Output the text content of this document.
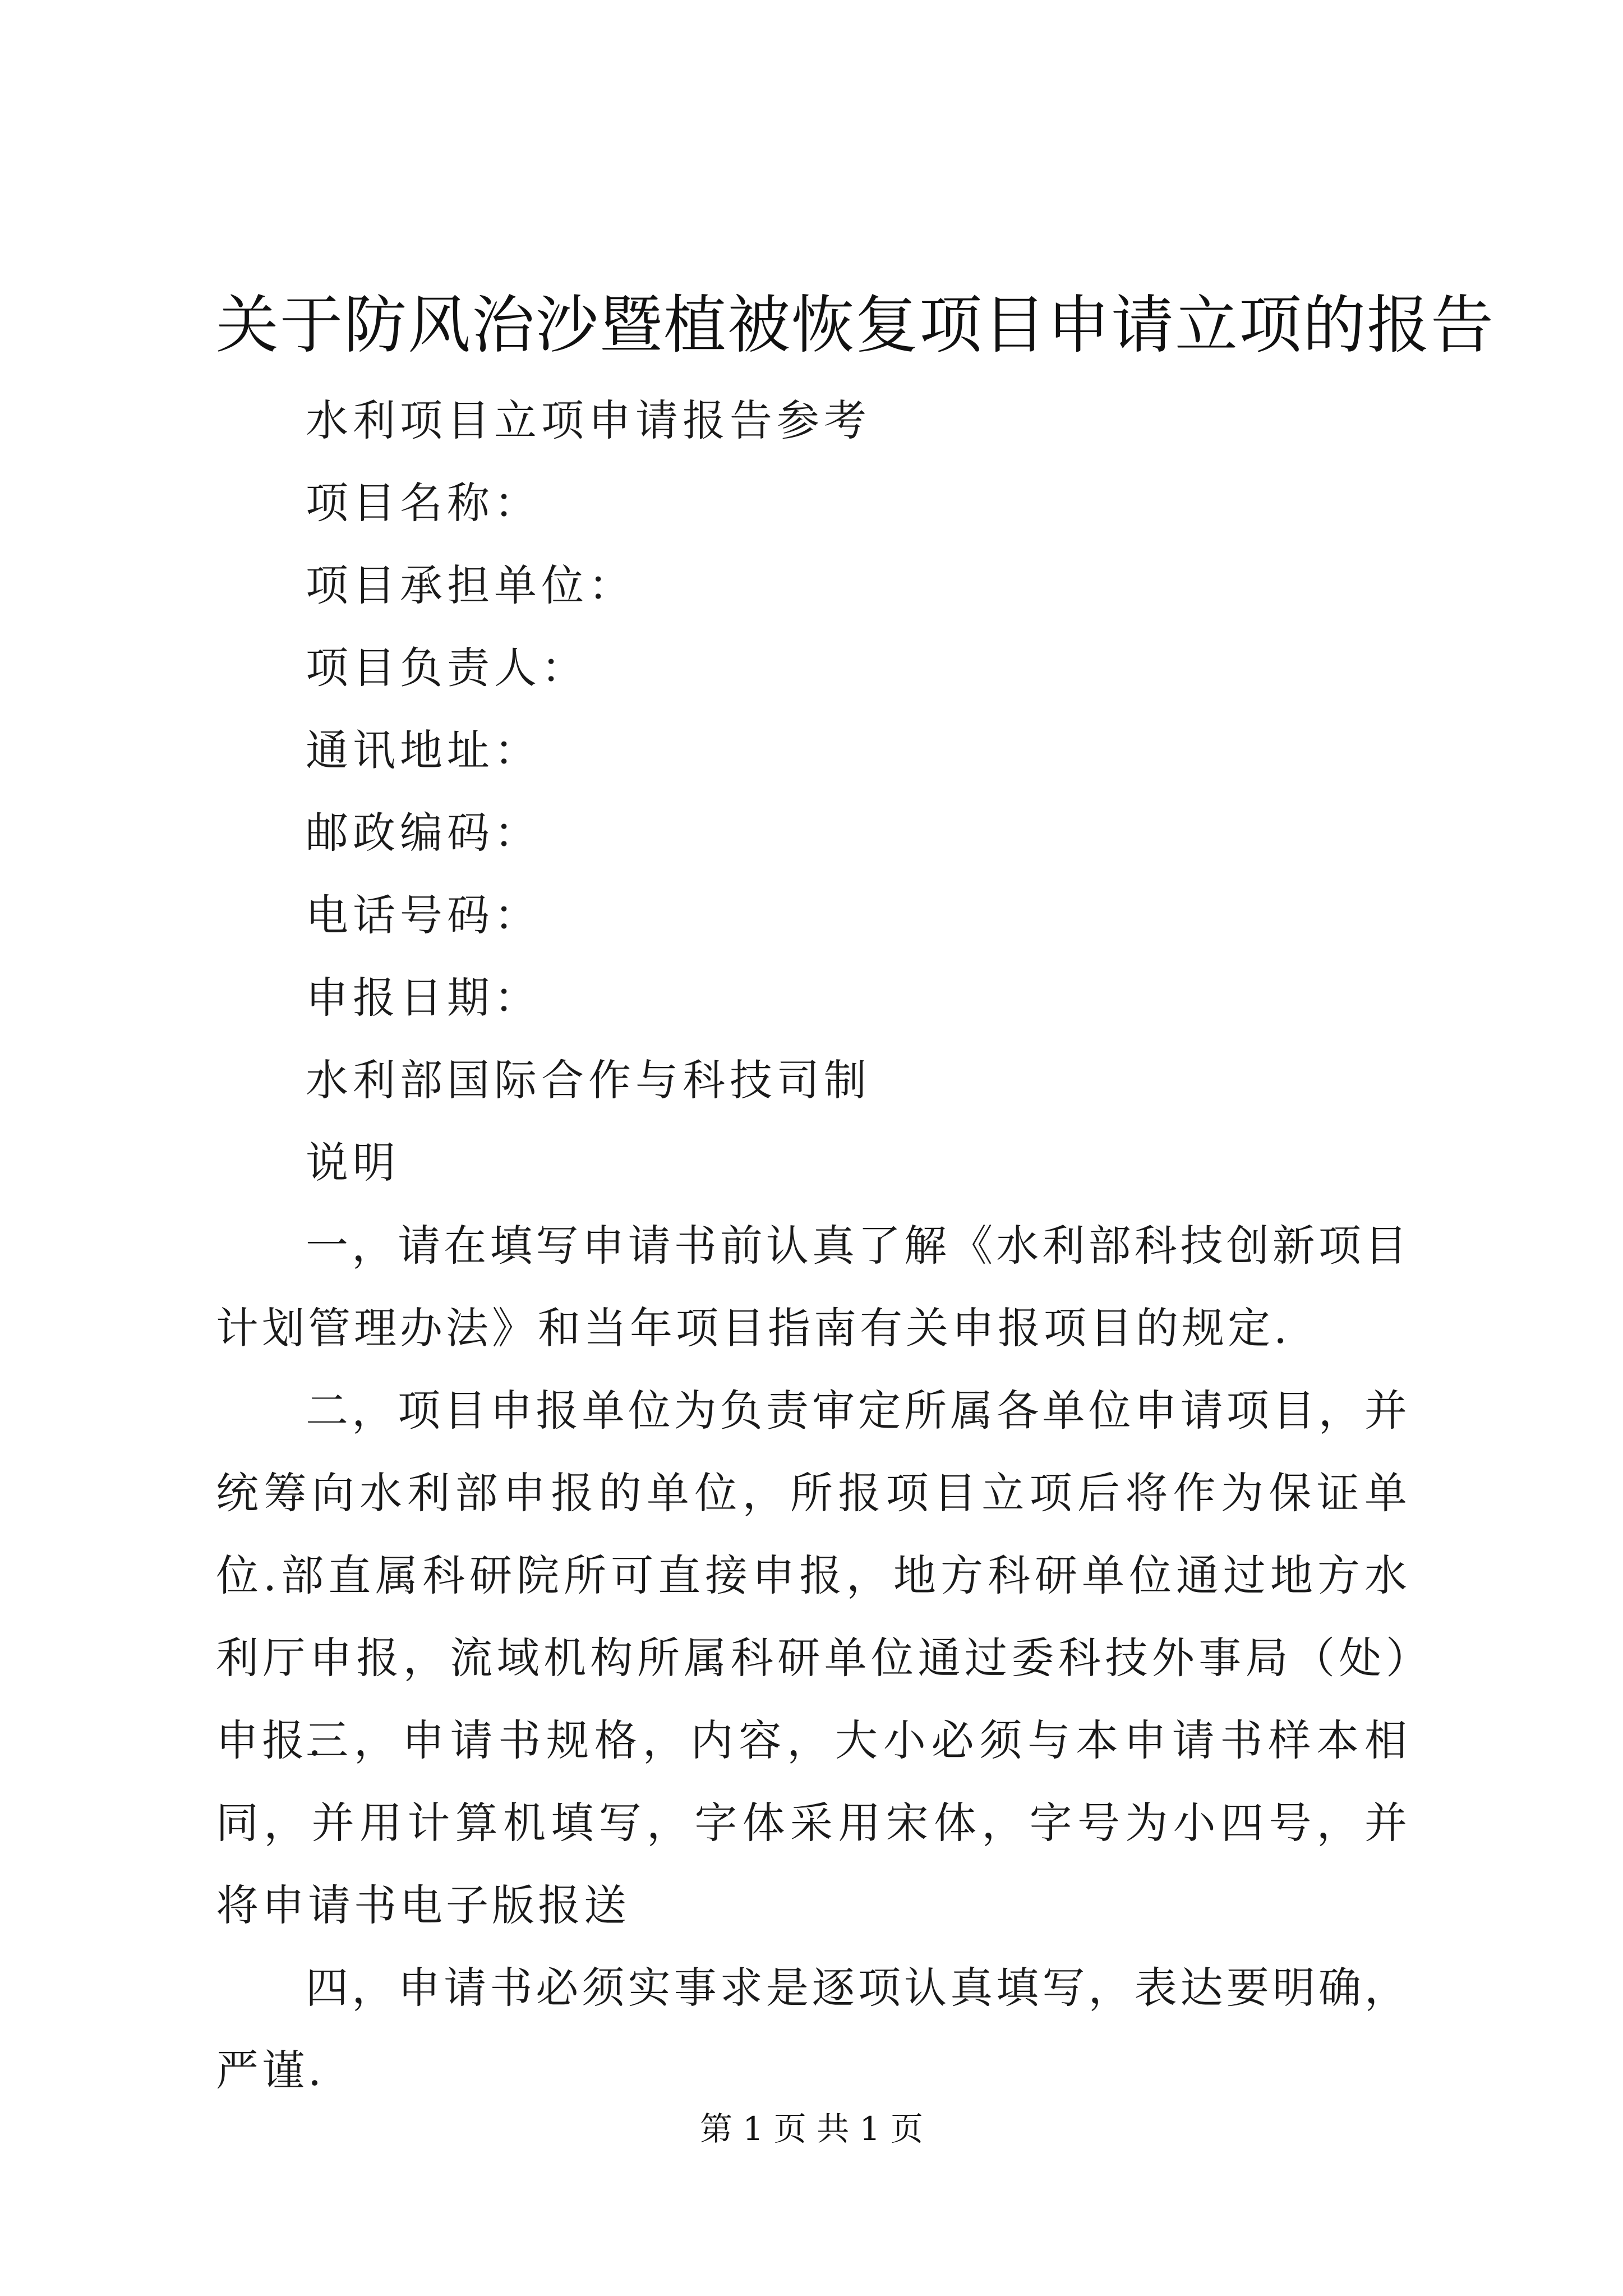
关于防风治沙暨植被恢复项目申请立项的报告
水利项目立项申请报告参考
项目名称：
项目承担单位：
项目负责人：
通讯地址：
邮政编码：
电话号码：
申报日期：
水利部国际合作与科技司制
说明
一，请在填写申请书前认真了解《水利部科技创新项目计划管理办法》和当年项目指南有关申报项目的规定.
二，项目申报单位为负责审定所属各单位申请项目，并统筹向水利部申报的单位，所报项目立项后将作为保证单位.部直属科研院所可直接申报，地方科研单位通过地方水利厅申报，流域机构所属科研单位通过委科技外事局（处）申报.
三，申请书规格，内容，大小必须与本申请书样本相同，并用计算机填写，字体采用宋体，字号为小四号，并将申请书电子版报送
四，申请书必须实事求是逐项认真填写，表达要明确，严谨.
第 1 页 共 1 页
